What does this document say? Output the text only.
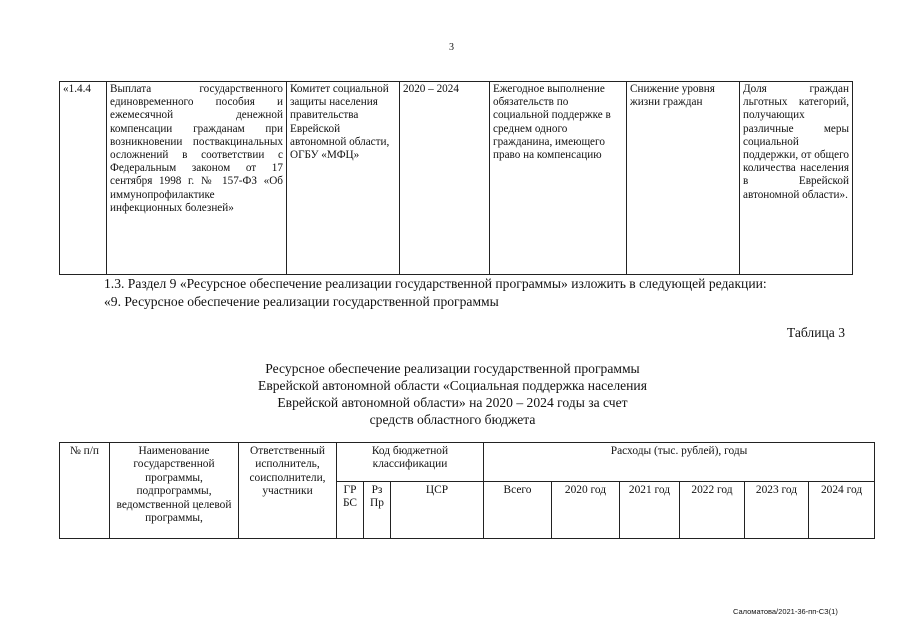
3
«1.4.4	Выплата государственного единовременного пособия и ежемесячной денежной компенсации гражданам при возникновении поствакцинальных осложнений в соответствии с Федеральным законом от 17 сентября 1998 г. № 157-ФЗ «Об иммунопрофилактике инфекционных болезней»	Комитет социальной защиты населения правительства Еврейской автономной области, ОГБУ «МФЦ»	2020 – 2024	Ежегодное выполнение обязательств по социальной поддержке в среднем одного гражданина, имеющего право на компенсацию	Снижение уровня жизни граждан	Доля граждан льготных категорий, получающих различные меры социальной поддержки, от общего количества населения в Еврейской автономной области».
1.3. Раздел 9 «Ресурсное обеспечение реализации государственной программы» изложить в следующей редакции:
«9. Ресурсное обеспечение реализации государственной программы
Таблица 3
Ресурсное обеспечение реализации государственной программы
Еврейской автономной области «Социальная поддержка населения
Еврейской автономной области» на 2020 – 2024 годы за счет
средств областного бюджета
№ п/п	Наименование государственной программы, подпрограммы, ведомственной целевой программы,	Ответственный исполнитель, соисполнители, участники	Код бюджетной классификации			Расходы (тыс. рублей), годы					
			ГР БС	Рз Пр	ЦСР	Всего	2020 год	2021 год	2022 год	2023 год	2024 год
Саломатова/2021-36-пп-СЗ(1)
